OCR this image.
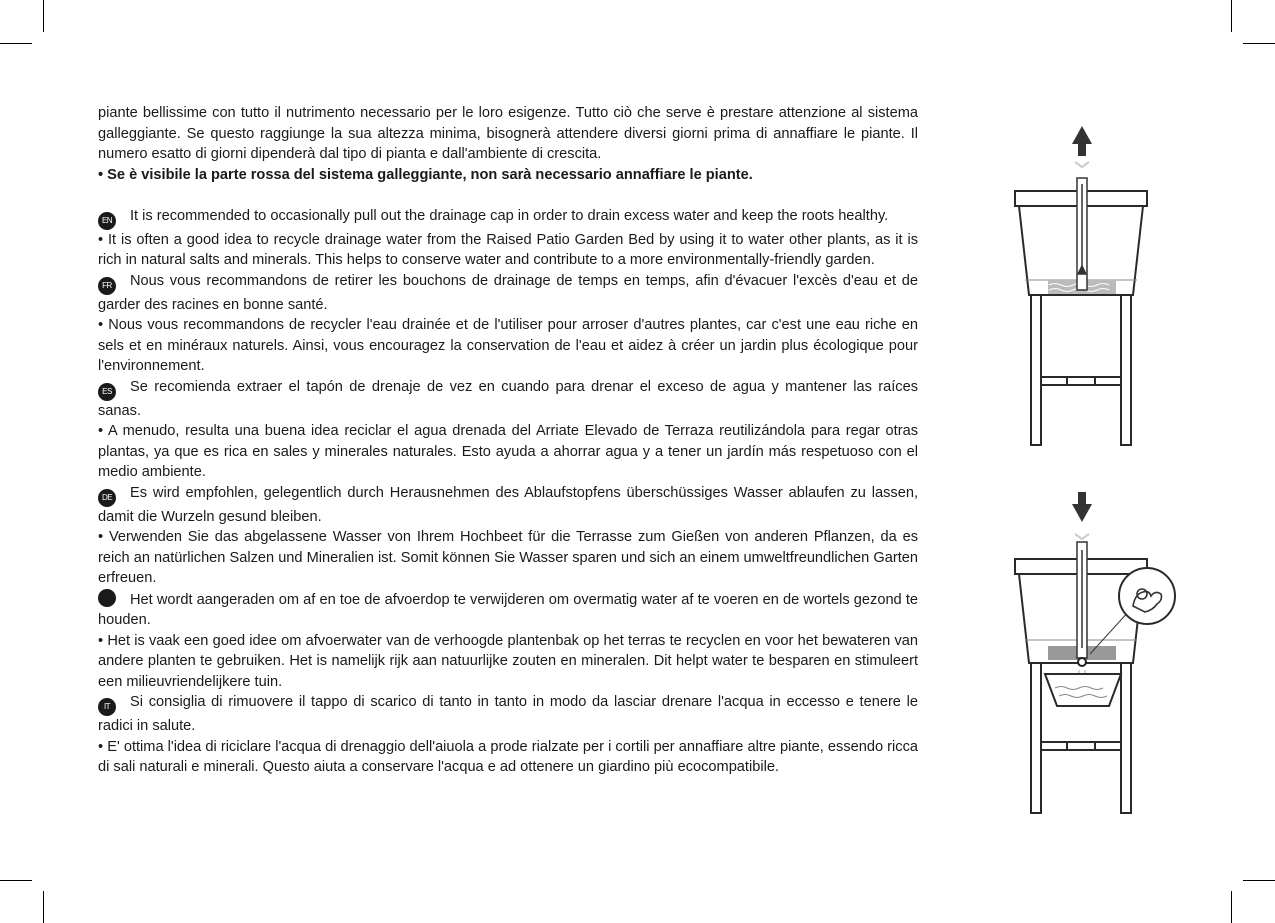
piante bellissime con tutto il nutrimento necessario per le loro esigenze. Tutto ciò che serve è prestare attenzione al sistema galleggiante. Se questo raggiunge la sua altezza minima, bisognerà attendere diversi giorni prima di annaffiare le piante. Il numero esatto di giorni dipenderà dal tipo di pianta e dall'ambiente di crescita.

• Se è visibile la parte rossa del sistema galleggiante, non sarà necessario annaffiare le piante.

EN It is recommended to occasionally pull out the drainage cap in order to drain excess water and keep the roots healthy.

• It is often a good idea to recycle drainage water from the Raised Patio Garden Bed by using it to water other plants, as it is rich in natural salts and minerals. This helps to conserve water and contribute to a more environmentally-friendly garden.

FR Nous vous recommandons de retirer les bouchons de drainage de temps en temps, afin d'évacuer l'excès d'eau et de garder des racines en bonne santé.

• Nous vous recommandons de recycler l'eau drainée et de l'utiliser pour arroser d'autres plantes, car c'est une eau riche en sels et en minéraux naturels. Ainsi, vous encouragez la conservation de l'eau et aidez à créer un jardin plus écologique pour l'environnement.

ES Se recomienda extraer el tapón de drenaje de vez en cuando para drenar el exceso de agua y mantener las raíces sanas.

• A menudo, resulta una buena idea reciclar el agua drenada del Arriate Elevado de Terraza reutilizándola para regar otras plantas, ya que es rica en sales y minerales naturales. Esto ayuda a ahorrar agua y a tener un jardín más respetuoso con el medio ambiente.

DE Es wird empfohlen, gelegentlich durch Herausnehmen des Ablaufstopfens überschüssiges Wasser ablaufen zu lassen, damit die Wurzeln gesund bleiben.

• Verwenden Sie das abgelassene Wasser von Ihrem Hochbeet für die Terrasse zum Gießen von anderen Pflanzen, da es reich an natürlichen Salzen und Mineralien ist. Somit können Sie Wasser sparen und sich an einem umweltfreundlichen Garten erfreuen.

Het wordt aangeraden om af en toe de afvoerdop te verwijderen om overmatig water af te voeren en de wortels gezond te houden.

• Het is vaak een goed idee om afvoerwater van de verhoogde plantenbak op het terras te recyclen en voor het bewateren van andere planten te gebruiken. Het is namelijk rijk aan natuurlijke zouten en mineralen. Dit helpt water te besparen en stimuleert een milieuvriendelijkere tuin.

IT Si consiglia di rimuovere il tappo di scarico di tanto in tanto in modo da lasciar drenare l'acqua in eccesso e tenere le radici in salute.

• E' ottima l'idea di riciclare l'acqua di drenaggio dell'aiuola a prode rialzate per i cortili per annaffiare altre piante, essendo ricca di sali naturali e minerali. Questo aiuta a conservare l'acqua e ad ottenere un giardino più ecocompatibile.
